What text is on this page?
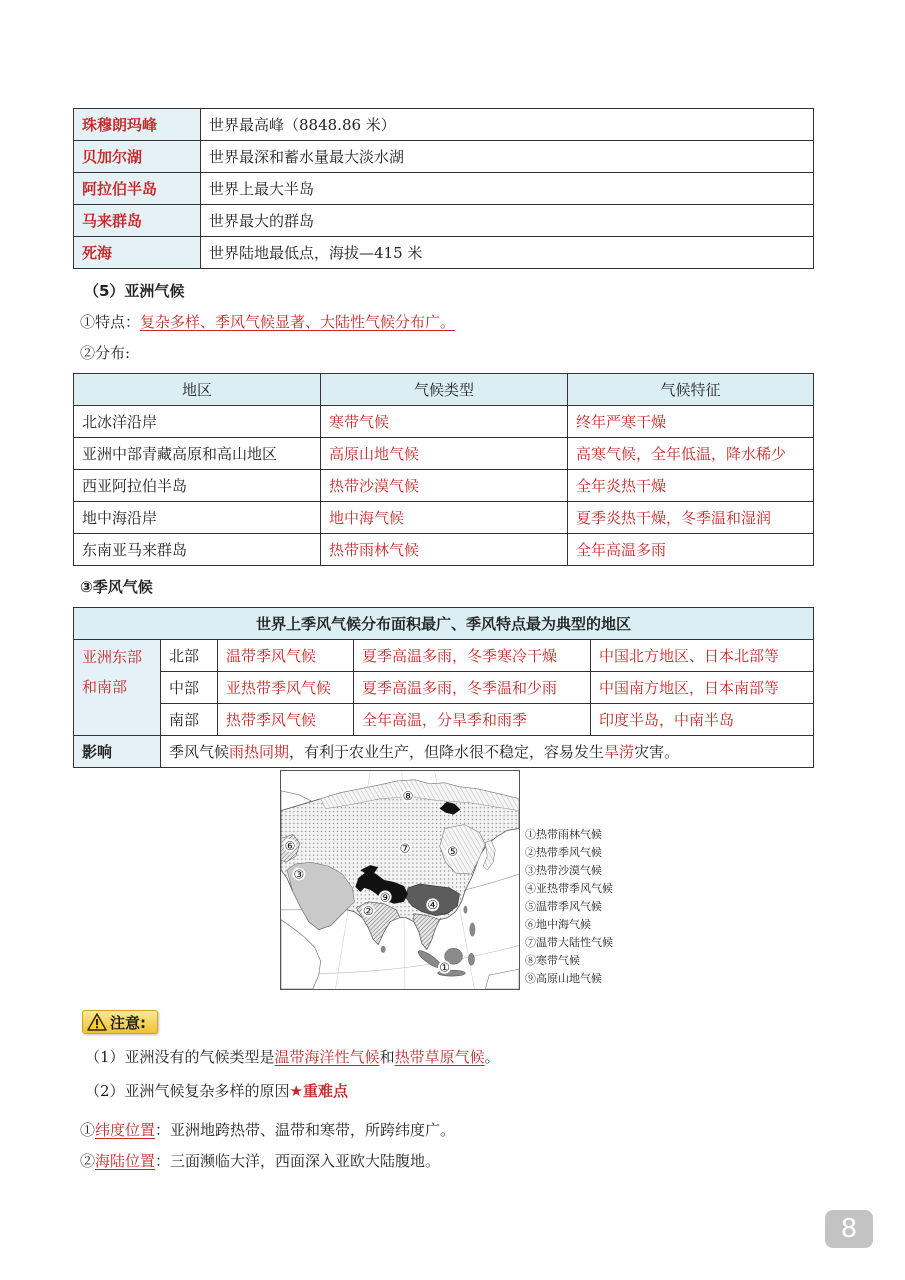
珠穆朗玛峰	世界最高峰（8848.86 米）
贝加尔湖	世界最深和蓄水量最大淡水湖
阿拉伯半岛	世界上最大半岛
马来群岛	世界最大的群岛
死海	世界陆地最低点，海拔—415 米
（5）亚洲气候
①特点：复杂多样、季风气候显著、大陆性气候分布广。
②分布:
地区	气候类型	气候特征
北冰洋沿岸	寒带气候	终年严寒干燥
亚洲中部青藏高原和高山地区	高原山地气候	高寒气候，全年低温，降水稀少
西亚阿拉伯半岛	热带沙漠气候	全年炎热干燥
地中海沿岸	地中海气候	夏季炎热干燥，冬季温和湿润
东南亚马来群岛	热带雨林气候	全年高温多雨
③季风气候
世界上季风气候分布面积最广、季风特点最为典型的地区				

亚洲东部
和南部	北部	温带季风气候	夏季高温多雨，冬季寒冷干燥	中国北方地区、日本北部等
	中部	亚热带季风气候	夏季高温多雨，冬季温和少雨	中国南方地区，日本南部等
	南部	热带季风气候	全年高温，分旱季和雨季	印度半岛，中南半岛
影响	季风气候雨热同期，有利于农业生产，但降水很不稳定，容易发生旱涝灾害。			
⑧
⑦	⑤
⑥
③
⑨
②	④
①
①热带雨林气候
②热带季风气候
③热带沙漠气候
④亚热带季风气候
⑤温带季风气候
⑥地中海气候
⑦温带大陆性气候
⑧寒带气候
⑨高原山地气候
注意:
（1）亚洲没有的气候类型是温带海洋性气候和热带草原气候。
（2）亚洲气候复杂多样的原因★重难点
①纬度位置：亚洲地跨热带、温带和寒带，所跨纬度广。
②海陆位置：三面濒临大洋，西面深入亚欧大陆腹地。
8
